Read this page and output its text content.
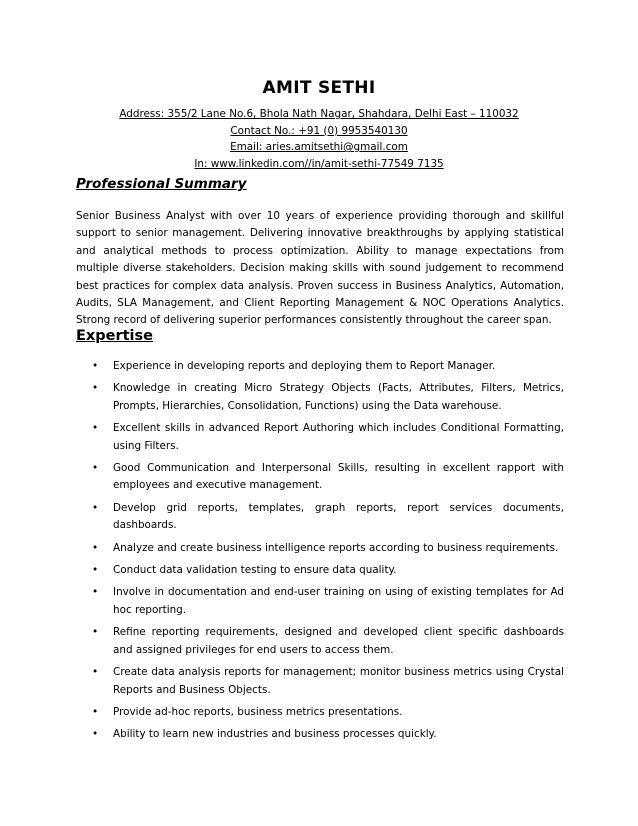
AMIT SETHI
Address: 355/2 Lane No.6, Bhola Nath Nagar, Shahdara, Delhi East – 110032
Contact No.: +91 (0) 9953540130
Email: aries.amitsethi@gmail.com
In: www.linkedin.com//in/amit-sethi-77549 7135
Professional Summary

Senior Business Analyst with over 10 years of experience providing thorough and skillful support to senior management. Delivering innovative breakthroughs by applying statistical and analytical methods to process optimization. Ability to manage expectations from multiple diverse stakeholders. Decision making skills with sound judgement to recommend best practices for complex data analysis. Proven success in Business Analytics, Automation, Audits, SLA Management, and Client Reporting Management & NOC Operations Analytics. Strong record of delivering superior performances consistently throughout the career span.

Expertise
• Experience in developing reports and deploying them to Report Manager.
• Knowledge in creating Micro Strategy Objects (Facts, Attributes, Filters, Metrics, Prompts, Hierarchies, Consolidation, Functions) using the Data warehouse.
• Excellent skills in advanced Report Authoring which includes Conditional Formatting, using Filters.
• Good Communication and Interpersonal Skills, resulting in excellent rapport with employees and executive management.
• Develop grid reports, templates, graph reports, report services documents, dashboards.
• Analyze and create business intelligence reports according to business requirements.
• Conduct data validation testing to ensure data quality.
• Involve in documentation and end-user training on using of existing templates for Ad hoc reporting.
• Refine reporting requirements, designed and developed client specific dashboards and assigned privileges for end users to access them.
• Create data analysis reports for management; monitor business metrics using Crystal Reports and Business Objects.
• Provide ad-hoc reports, business metrics presentations.
• Ability to learn new industries and business processes quickly.
